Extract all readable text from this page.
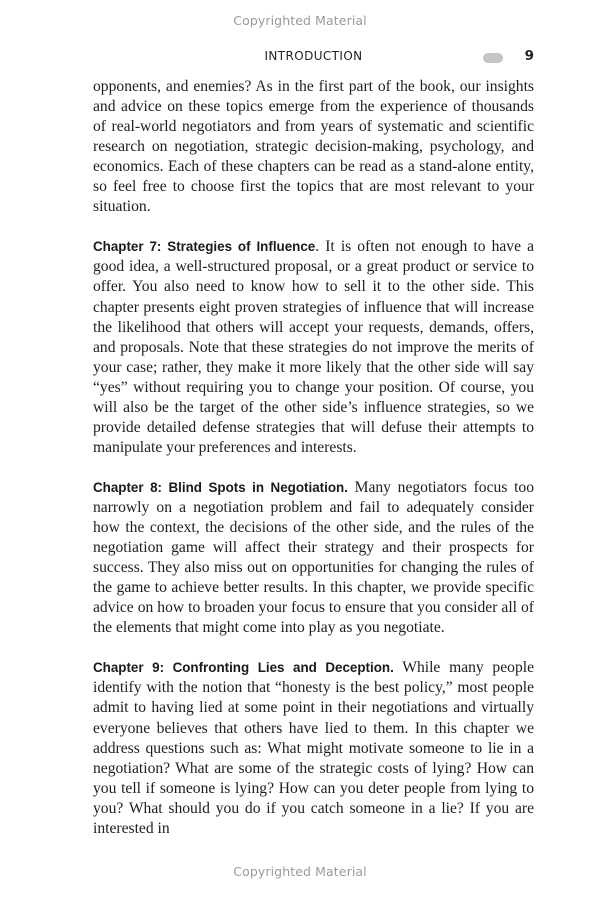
Copyrighted Material
INTRODUCTION	9

opponents, and enemies? As in the first part of the book, our insights and advice on these topics emerge from the experience of thousands of real-world negotiators and from years of systematic and scientific research on negotiation, strategic decision-making, psychology, and economics. Each of these chapters can be read as a stand-alone entity, so feel free to choose first the topics that are most relevant to your situation.

Chapter 7: Strategies of Influence. It is often not enough to have a good idea, a well-structured proposal, or a great product or service to offer. You also need to know how to sell it to the other side. This chapter presents eight proven strategies of influence that will increase the likelihood that others will accept your requests, demands, offers, and proposals. Note that these strategies do not improve the merits of your case; rather, they make it more likely that the other side will say “yes” without requiring you to change your position. Of course, you will also be the target of the other side’s influence strategies, so we provide detailed defense strategies that will defuse their attempts to manipulate your preferences and interests.

Chapter 8: Blind Spots in Negotiation. Many negotiators focus too narrowly on a negotiation problem and fail to adequately consider how the context, the decisions of the other side, and the rules of the negotiation game will affect their strategy and their prospects for success. They also miss out on opportunities for changing the rules of the game to achieve better results. In this chapter, we provide specific advice on how to broaden your focus to ensure that you consider all of the elements that might come into play as you negotiate.

Chapter 9: Confronting Lies and Deception. While many people identify with the notion that “honesty is the best policy,” most people admit to having lied at some point in their negotiations and virtually everyone believes that others have lied to them. In this chapter we address questions such as: What might motivate someone to lie in a negotiation? What are some of the strategic costs of lying? How can you tell if someone is lying? How can you deter people from lying to you? What should you do if you catch someone in a lie? If you are interested in

Copyrighted Material
